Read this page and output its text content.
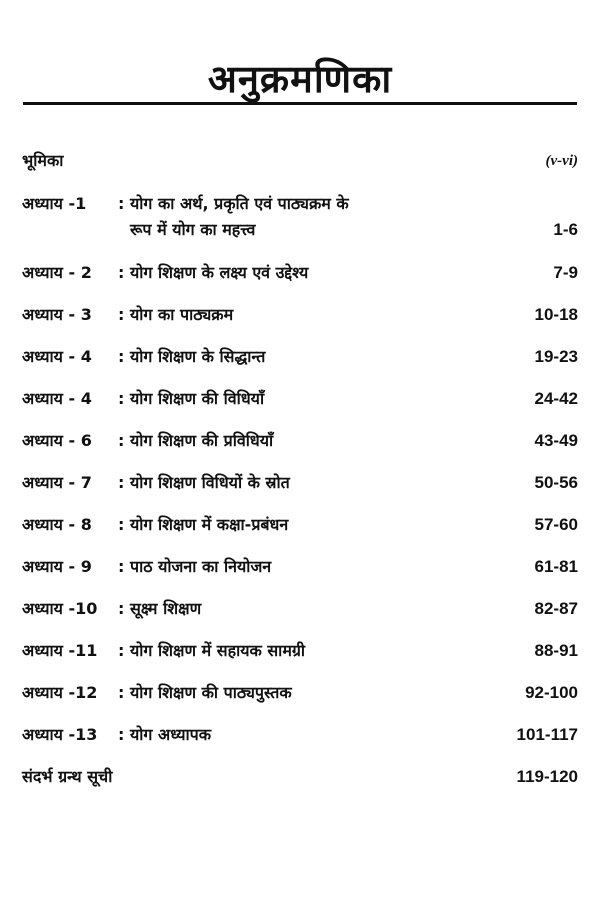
अनुक्रमणिका
भूमिका	(v-vi)
अध्याय -1 : योग का अर्थ, प्रकृति एवं पाठ्यक्रम के
रूप में योग का महत्त्व	1-6
अध्याय - 2 : योग शिक्षण के लक्ष्य एवं उद्देश्य	7-9
अध्याय - 3 : योग का पाठ्यक्रम	10-18
अध्याय - 4 : योग शिक्षण के सिद्धान्त	19-23
अध्याय - 4 : योग शिक्षण की विधियाँ	24-42
अध्याय - 6 : योग शिक्षण की प्रविधियाँ	43-49
अध्याय - 7 : योग शिक्षण विधियों के स्रोत	50-56
अध्याय - 8 : योग शिक्षण में कक्षा-प्रबंधन	57-60
अध्याय - 9 : पाठ योजना का नियोजन	61-81
अध्याय -10 : सूक्ष्म शिक्षण	82-87
अध्याय -11 : योग शिक्षण में सहायक सामग्री	88-91
अध्याय -12 : योग शिक्षण की पाठ्यपुस्तक	92-100
अध्याय -13 : योग अध्यापक	101-117
संदर्भ ग्रन्थ सूची	119-120
